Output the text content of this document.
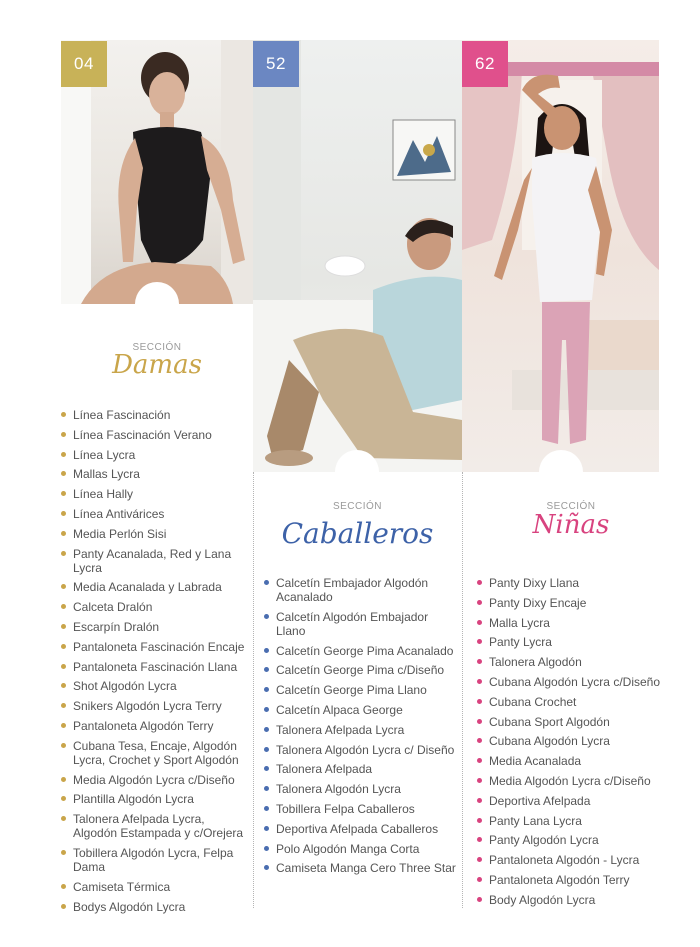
04	52	62
SECCIÓN
Damas
Línea Fascinación
Línea Fascinación Verano
Línea Lycra
Mallas Lycra
Línea Hally
Línea Antivárices
Media Perlón Sisi
Panty Acanalada, Red y Lana Lycra
Media Acanalada y Labrada
Calceta Dralón
Escarpín Dralón
Pantaloneta Fascinación Encaje
Pantaloneta Fascinación Llana
Shot Algodón Lycra
Snikers Algodón Lycra Terry
Pantaloneta Algodón Terry
Cubana Tesa, Encaje, Algodón Lycra, Crochet y Sport Algodón
Media Algodón Lycra c/Diseño
Plantilla Algodón Lycra
Talonera Afelpada Lycra, Algodón Estampada y c/Orejera
Tobillera Algodón Lycra, Felpa Dama
Camiseta Térmica
Bodys Algodón Lycra
SECCIÓN
Caballeros
Calcetín Embajador Algodón Acanalado
Calcetín Algodón Embajador Llano
Calcetín George Pima Acanalado
Calcetín George Pima c/Diseño
Calcetín George Pima Llano
Calcetín Alpaca George
Talonera Afelpada Lycra
Talonera Algodón Lycra c/ Diseño
Talonera Afelpada
Talonera Algodón Lycra
Tobillera Felpa Caballeros
Deportiva Afelpada Caballeros
Polo Algodón Manga Corta
Camiseta Manga Cero Three Star
SECCIÓN
Niñas
Panty Dixy Llana
Panty Dixy Encaje
Malla Lycra
Panty Lycra
Talonera Algodón
Cubana Algodón Lycra c/Diseño
Cubana Crochet
Cubana Sport Algodón
Cubana Algodón Lycra
Media Acanalada
Media Algodón Lycra c/Diseño
Deportiva Afelpada
Panty Lana Lycra
Panty Algodón Lycra
Pantaloneta Algodón - Lycra
Pantaloneta Algodón Terry
Body Algodón Lycra
